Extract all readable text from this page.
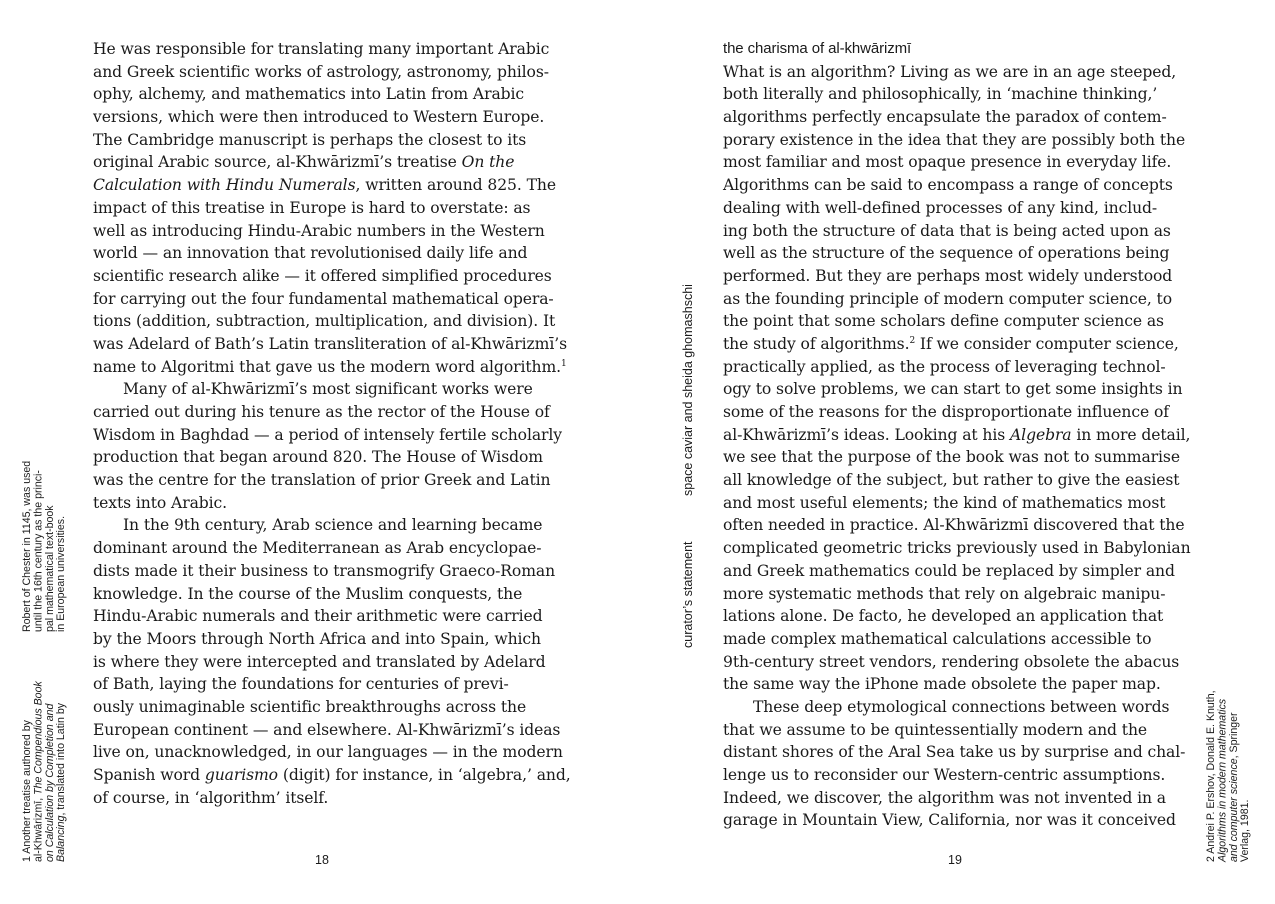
He was responsible for translating many important Arabic
and Greek scientific works of astrology, astronomy, philos-
ophy, alchemy, and mathematics into Latin from Arabic
versions, which were then introduced to Western Europe.
The Cambridge manuscript is perhaps the closest to its
original Arabic source, al-Khwārizmī’s treatise On the
Calculation with Hindu Numerals, written around 825. The
impact of this treatise in Europe is hard to overstate: as
well as introducing Hindu-Arabic numbers in the Western
world — an innovation that revolutionised daily life and
scientific research alike — it offered simplified procedures
for carrying out the four fundamental mathematical opera-
tions (addition, subtraction, multiplication, and division). It
was Adelard of Bath’s Latin transliteration of al-Khwārizmī’s
name to Algoritmi that gave us the modern word algorithm.$^1$
Many of al-Khwārizmī’s most significant works were
carried out during his tenure as the rector of the House of
Wisdom in Baghdad — a period of intensely fertile scholarly
production that began around 820. The House of Wisdom
was the centre for the translation of prior Greek and Latin
texts into Arabic.
In the 9th century, Arab science and learning became
dominant around the Mediterranean as Arab encyclopae-
dists made it their business to transmogrify Graeco-Roman
knowledge. In the course of the Muslim conquests, the
Hindu-Arabic numerals and their arithmetic were carried
by the Moors through North Africa and into Spain, which
is where they were intercepted and translated by Adelard
of Bath, laying the foundations for centuries of previ-
ously unimaginable scientific breakthroughs across the
European continent — and elsewhere. Al-Khwārizmī’s ideas
live on, unacknowledged, in our languages — in the modern
Spanish word guarismo (digit) for instance, in ‘algebra,’ and,
of course, in ‘algorithm’ itself.
the charisma of al-khwārizmī
What is an algorithm? Living as we are in an age steeped,
both literally and philosophically, in ‘machine thinking,’
algorithms perfectly encapsulate the paradox of contem-
porary existence in the idea that they are possibly both the
most familiar and most opaque presence in everyday life.
Algorithms can be said to encompass a range of concepts
dealing with well-defined processes of any kind, includ-
ing both the structure of data that is being acted upon as
well as the structure of the sequence of operations being
performed. But they are perhaps most widely understood
as the founding principle of modern computer science, to
the point that some scholars define computer science as
the study of algorithms.$^2$ If we consider computer science,
practically applied, as the process of leveraging technol-
ogy to solve problems, we can start to get some insights in
some of the reasons for the disproportionate influence of
al-Khwārizmī’s ideas. Looking at his Algebra in more detail,
we see that the purpose of the book was not to summarise
all knowledge of the subject, but rather to give the easiest
and most useful elements; the kind of mathematics most
often needed in practice. Al-Khwārizmī discovered that the
complicated geometric tricks previously used in Babylonian
and Greek mathematics could be replaced by simpler and
more systematic methods that rely on algebraic manipu-
lations alone. De facto, he developed an application that
made complex mathematical calculations accessible to
9th-century street vendors, rendering obsolete the abacus
the same way the iPhone made obsolete the paper map.
These deep etymological connections between words
that we assume to be quintessentially modern and the
distant shores of the Aral Sea take us by surprise and chal-
lenge us to reconsider our Western-centric assumptions.
Indeed, we discover, the algorithm was not invented in a
garage in Mountain View, California, nor was it conceived
1 Another treatise authored by al-Khwārizmī, The Compendious Book on Calculation by Completion and Balancing, translated into Latin by
Robert of Chester in 1145, was used until the 16th century as the princi- pal mathematical text-book in European universities.	curator’s statement
space caviar and sheida ghomashschi
2 Andrei P. Ershov, Donald E. Knuth, Algorithms in modern mathematics and computer science, Springer
Verlag, 1981.
18	19
